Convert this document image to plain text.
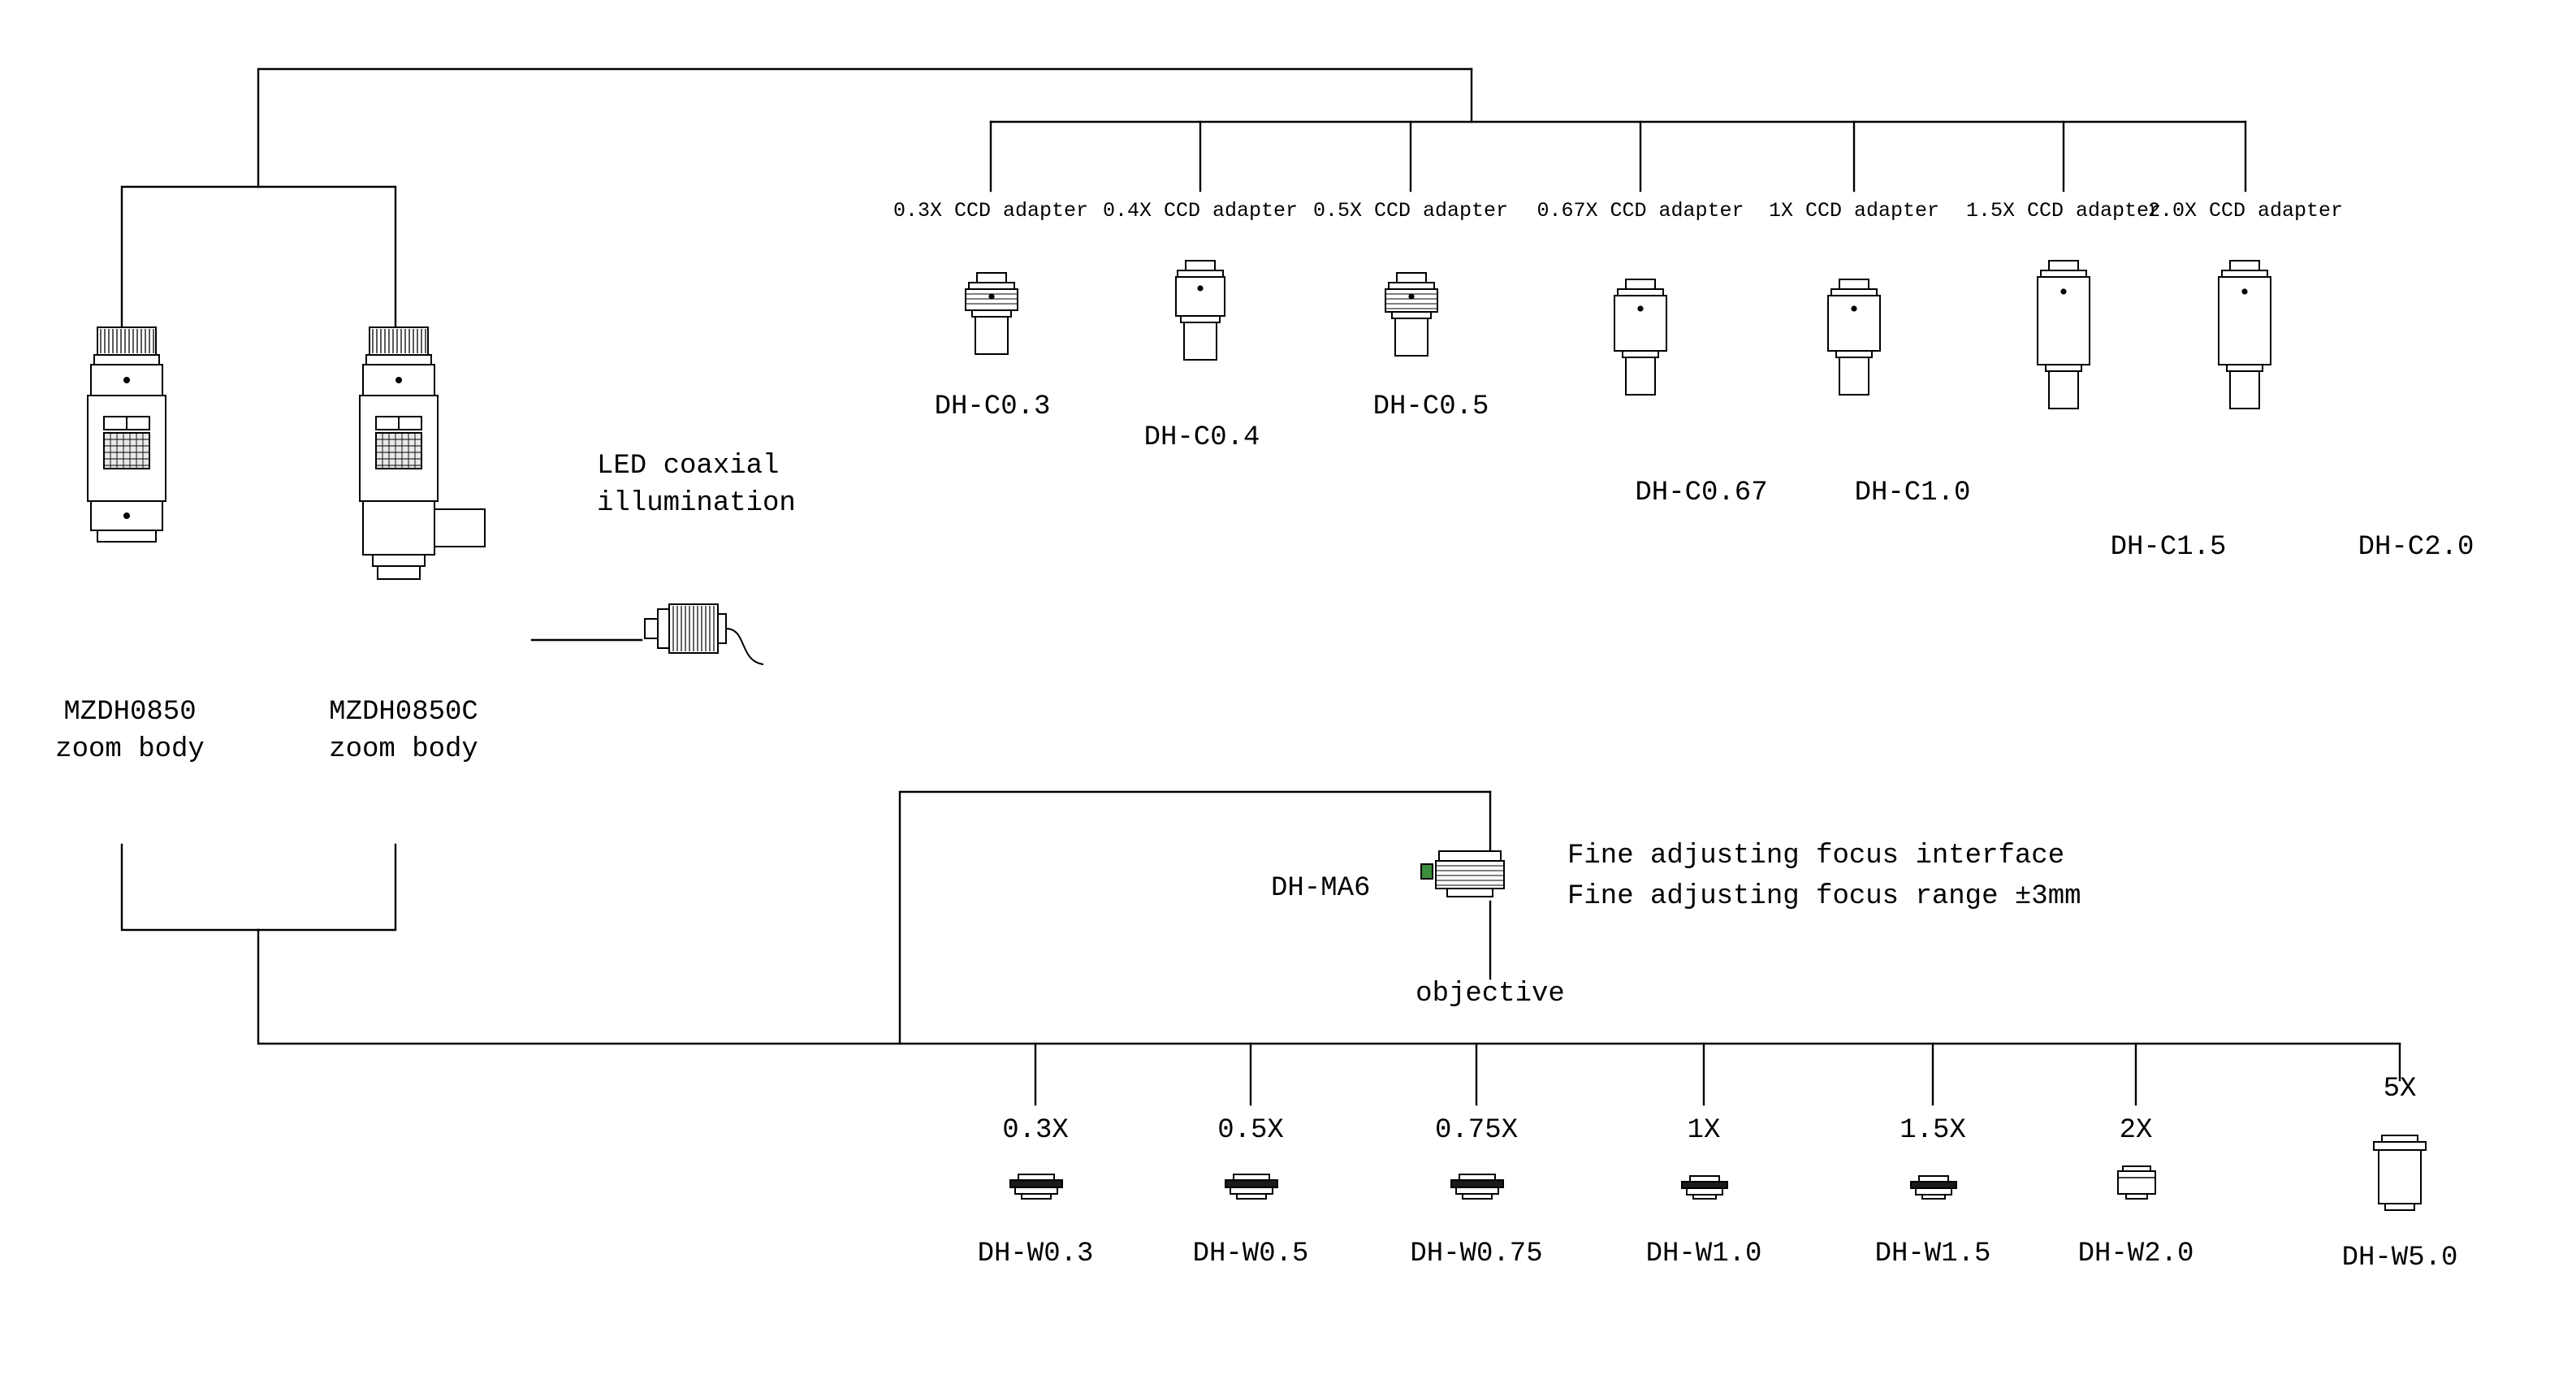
MZDH0850
zoom body
MZDH0850C
zoom body
LED coaxial
illumination
0.3X CCD adapter
DH-C0.3
0.4X CCD adapter
DH-C0.4
0.5X CCD adapter
DH-C0.5
0.67X CCD adapter
DH-C0.67
1X CCD adapter
DH-C1.0
1.5X CCD adapter
DH-C1.5
2.0X CCD adapter
DH-C2.0
DH-MA6
Fine adjusting focus interface
Fine adjusting focus range ±3mm
objective
0.3X
DH-W0.3
0.5X
DH-W0.5
0.75X
DH-W0.75
1X
DH-W1.0
1.5X
DH-W1.5
2X
DH-W2.0
5X
DH-W5.0
